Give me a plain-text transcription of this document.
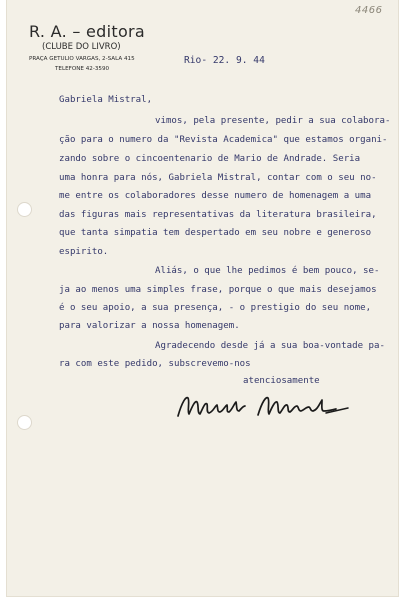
4466
R. A. – editora
(CLUBE DO LIVRO)
PRAÇA GETULIO VARGAS, 2-SALA 415
TELEFONE 42-3590
Rio- 22. 9. 44
Gabriela Mistral,
vimos, pela presente, pedir a sua colabora-
ção para o numero da "Revista Academica" que estamos organi-
zando sobre o cincoentenario de Mario de Andrade. Seria
uma honra para nós, Gabriela Mistral, contar com o seu no-
me entre os colaboradores desse numero de homenagem a uma
das figuras mais representativas da literatura brasileira,
que tanta simpatia tem despertado em seu nobre e generoso
espirito.
Aliás, o que lhe pedimos é bem pouco, se-
ja ao menos uma simples frase, porque o que mais desejamos
é o seu apoio, a sua presença, - o prestigio do seu nome,
para valorizar a nossa homenagem.
Agradecendo desde já a sua boa-vontade pa-
ra com este pedido, subscrevemo-nos
atenciosamente
